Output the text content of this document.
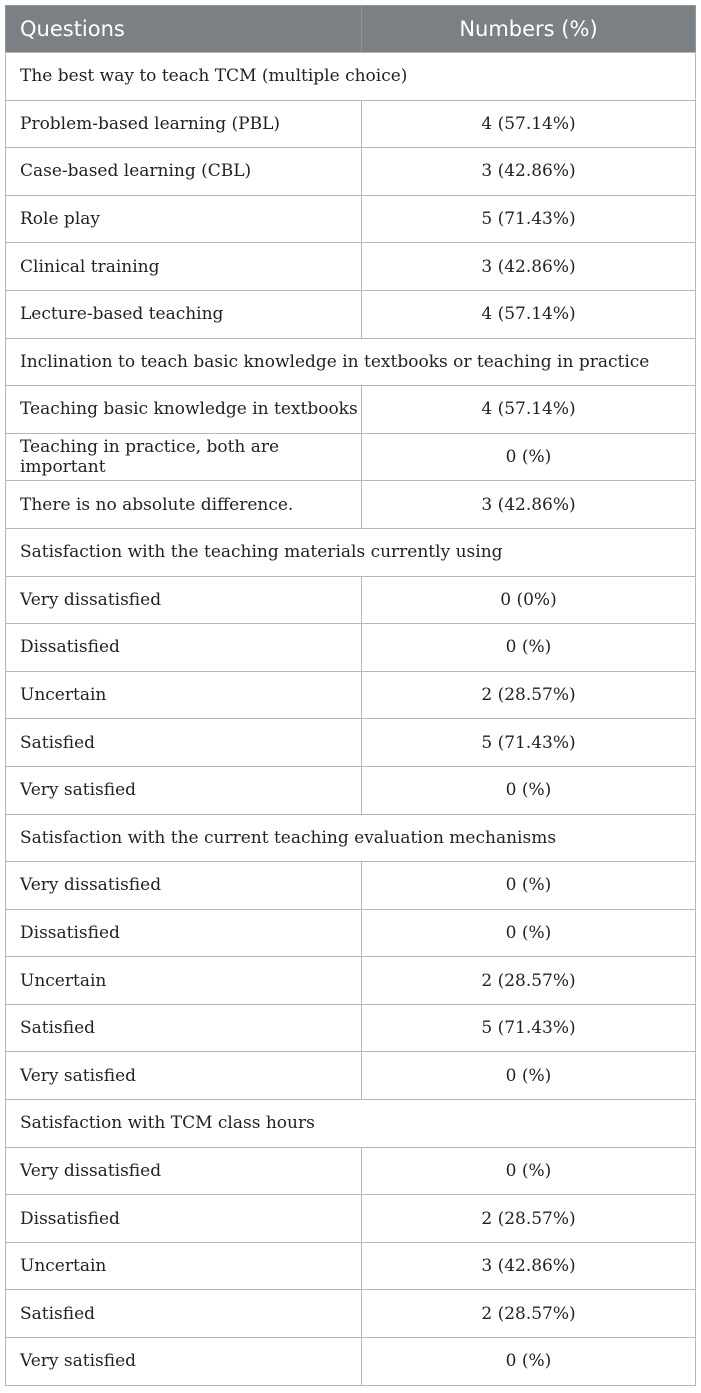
Questions	Numbers (%)
The best way to teach TCM (multiple choice)	
Problem-based learning (PBL)	4 (57.14%)
Case-based learning (CBL)	3 (42.86%)
Role play	5 (71.43%)
Clinical training	3 (42.86%)
Lecture-based teaching	4 (57.14%)
Inclination to teach basic knowledge in textbooks or teaching in practice	
Teaching basic knowledge in textbooks	4 (57.14%)
Teaching in practice, both are important	0 (%)
There is no absolute difference.	3 (42.86%)
Satisfaction with the teaching materials currently using	
Very dissatisfied	0 (0%)
Dissatisfied	0 (%)
Uncertain	2 (28.57%)
Satisfied	5 (71.43%)
Very satisfied	0 (%)
Satisfaction with the current teaching evaluation mechanisms	
Very dissatisfied	0 (%)
Dissatisfied	0 (%)
Uncertain	2 (28.57%)
Satisfied	5 (71.43%)
Very satisfied	0 (%)
Satisfaction with TCM class hours	
Very dissatisfied	0 (%)
Dissatisfied	2 (28.57%)
Uncertain	3 (42.86%)
Satisfied	2 (28.57%)
Very satisfied	0 (%)
